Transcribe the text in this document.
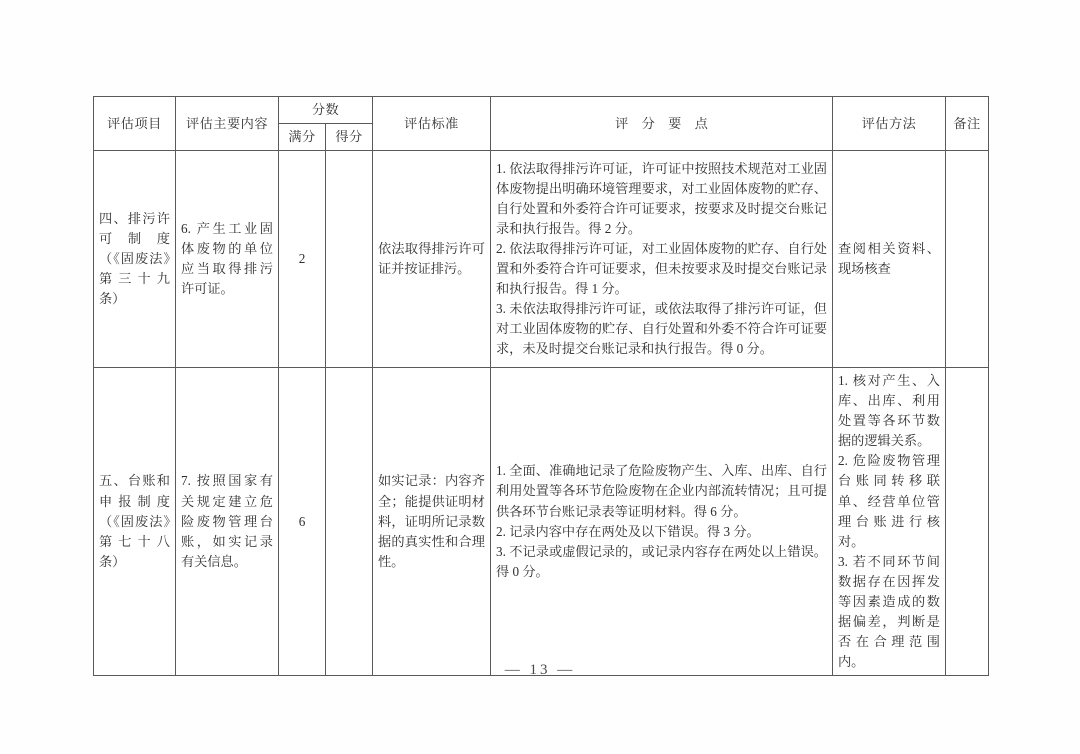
评估项目	评估主要内容	分数		评估标准	评 分 要 点	评估方法	备注
		满分	得分				
四、排污许可制度（《固废法》第三十九条）	6. 产生工业固体废物的单位应当取得排污许可证。	2		依法取得排污许可证并按证排污。	1. 依法取得排污许可证，许可证中按照技术规范对工业固体废物提出明确环境管理要求，对工业固体废物的贮存、自行处置和外委符合许可证要求，按要求及时提交台账记录和执行报告。得 2 分。
2. 依法取得排污许可证，对工业固体废物的贮存、自行处置和外委符合许可证要求，但未按要求及时提交台账记录和执行报告。得 1 分。
3. 未依法取得排污许可证，或依法取得了排污许可证，但对工业固体废物的贮存、自行处置和外委不符合许可证要求，未及时提交台账记录和执行报告。得 0 分。	查阅相关资料、现场核查	

五、台账和申报制度（《固废法》第七十八条）	7. 按照国家有关规定建立危险废物管理台账，如实记录有关信息。	6		如实记录：内容齐全；能提供证明材料，证明所记录数据的真实性和合理性。	1. 全面、准确地记录了危险废物产生、入库、出库、自行利用处置等各环节危险废物在企业内部流转情况；且可提供各环节台账记录表等证明材料。得 6 分。
2. 记录内容中存在两处及以下错误。得 3 分。
3. 不记录或虚假记录的，或记录内容存在两处以上错误。得 0 分。	1. 核对产生、入库、出库、利用处置等各环节数据的逻辑关系。
2. 危险废物管理台账同转移联单、经营单位管理台账进行核对。
3. 若不同环节间数据存在因挥发等因素造成的数据偏差，判断是否在合理范围内。	

— 13 —
